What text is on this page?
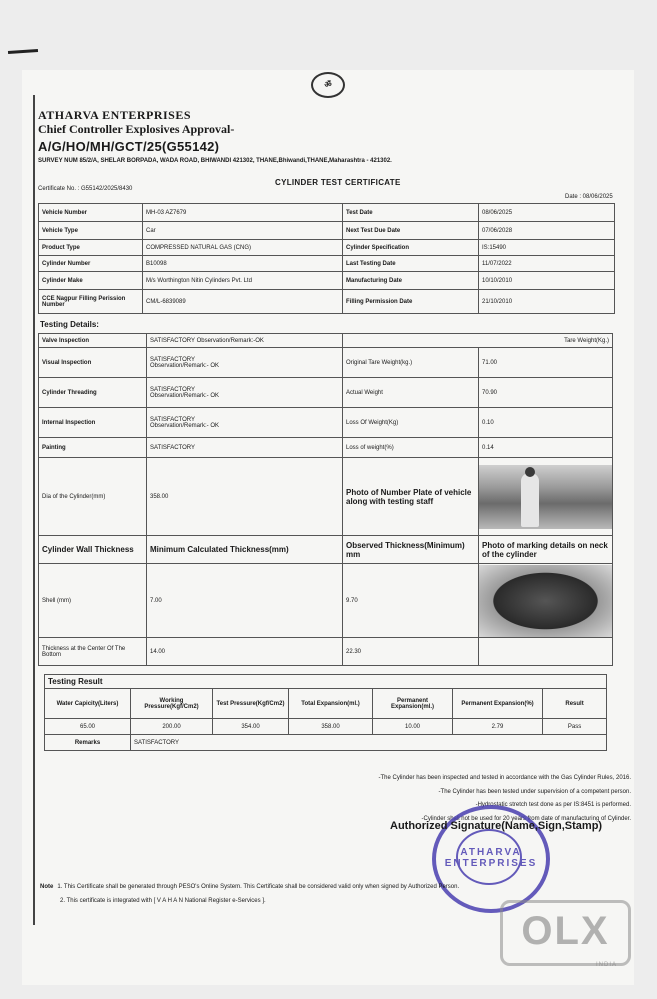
ॐ
ATHARVA ENTERPRISES
Chief Controller Explosives Approval-
A/G/HO/MH/GCT/25(G55142)
SURVEY NUM 85/2/A, SHELAR BORPADA, WADA ROAD, BHIWANDI 421302, THANE,Bhiwandi,THANE,Maharashtra - 421302.
CYLINDER TEST CERTIFICATE
Certificate No. : G55142/2025/8430
Date : 08/06/2025
Vehicle Number	MH-03 AZ7679	Test Date	08/06/2025
Vehicle Type	Car	Next Test Due Date	07/06/2028
Product Type	COMPRESSED NATURAL GAS (CNG)	Cylinder Specification	IS:15490
Cylinder Number	B10098	Last Testing Date	11/07/2022
Cylinder Make	M/s Worthington Nitin Cylinders Pvt. Ltd	Manufacturing Date	10/10/2010
CCE Nagpur Filling Perission Number	CM/L-6839089	Filling Permission Date	21/10/2010
Testing Details:
Valve Inspection	SATISFACTORY Observation/Remark:-OK	Tare Weight(Kg.)	
Visual Inspection	SATISFACTORY
Observation/Remark:- OK	Original Tare Weight(kg.)	71.00
Cylinder Threading	SATISFACTORY
Observation/Remark:- OK	Actual Weight	70.90
Internal Inspection	SATISFACTORY
Observation/Remark:- OK	Loss Of Weight(Kg)	0.10
Painting	SATISFACTORY	Loss of weight(%)	0.14
Dia of the Cylinder(mm)	358.00	Photo of Number Plate of vehicle along with testing staff	

Cylinder Wall Thickness	Minimum Calculated Thickness(mm)	Observed Thickness(Minimum) mm	Photo of marking details on neck of the cylinder
Shell (mm)	7.00	9.70	

Thickness at the Center Of The Bottom	14.00	22.30	
Testing Result						
Water Capicity(Liters)	Working Pressure(Kgf/Cm2)	Test Pressure(Kgf/Cm2)	Total Expansion(ml.)	Permanent Expansion(ml.)	Permanent Expansion(%)	Result
65.00	200.00	354.00	358.00	10.00	2.79	Pass
Remarks	SATISFACTORY					
-The Cylinder has been inspected and tested in accordance with the Gas Cylinder Rules, 2016.
-The Cylinder has been tested under supervision of a competent person.
-Hydrostatic stretch test done as per IS:8451 is performed.
-Cylinder shall not be used for 20 years from date of manufacturing of Cylinder.
ATHARVA ENTERPRISES
Authorized Signature(Name,Sign,Stamp)
Note 1. This Certificate shall be generated through PESO's Online System. This Certificate shall be considered valid only when signed by Authorized Person.
2. This certificate is integrated with [ V A H A N National Register e-Services ].
OLX
INDIA
